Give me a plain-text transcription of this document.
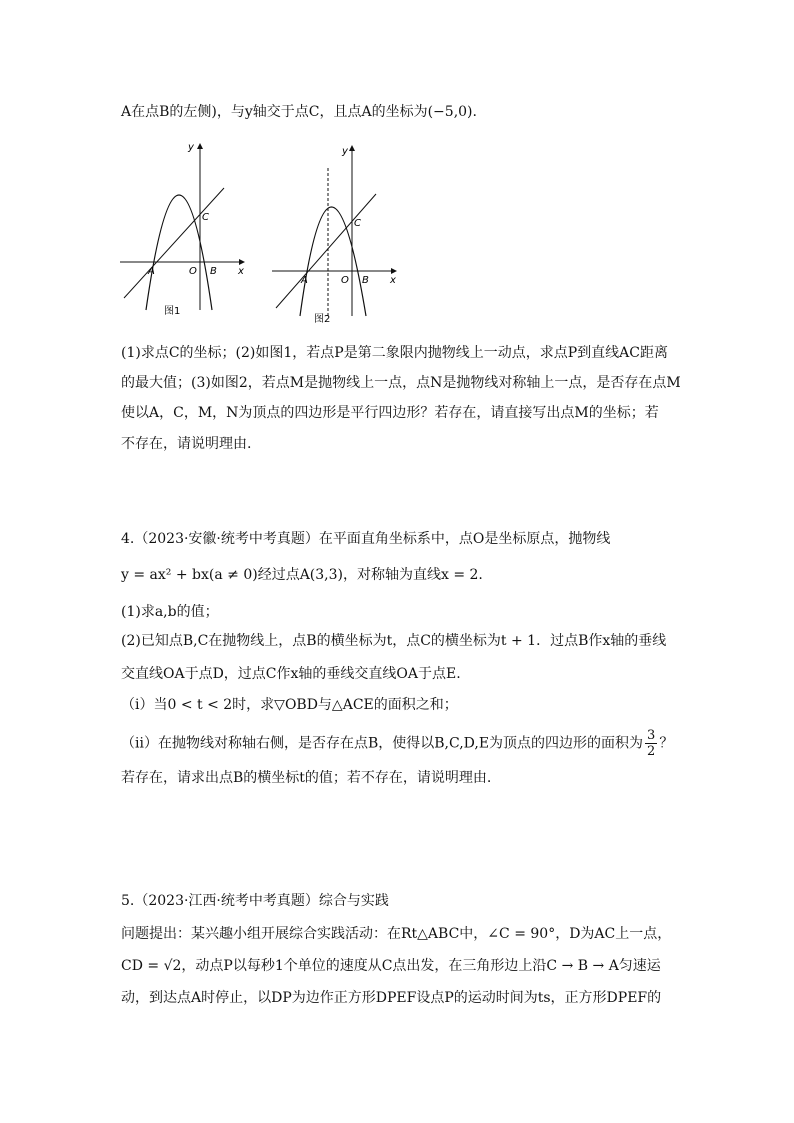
A在点B的左侧)，与y轴交于点C，且点A的坐标为(−5,0).
y
x
A	O B
C
图1
y
x
A	O B
C
图2
(1)求点C的坐标；(2)如图1，若点P是第二象限内抛物线上一动点，求点P到直线AC距离
的最大值；(3)如图2，若点M是抛物线上一点，点N是抛物线对称轴上一点，是否存在点M
使以A，C，M，N为顶点的四边形是平行四边形？若存在，请直接写出点M的坐标；若
不存在，请说明理由.
4.（2023·安徽·统考中考真题）在平面直角坐标系中，点O是坐标原点，抛物线
y = ax² + bx(a ≠ 0)经过点A(3,3)，对称轴为直线x = 2.
(1)求a,b的值；
(2)已知点B,C在抛物线上，点B的横坐标为t，点C的横坐标为t + 1．过点B作x轴的垂线
交直线OA于点D，过点C作x轴的垂线交直线OA于点E.
（ⅰ）当0 < t < 2时，求▽OBD与△ACE的面积之和；
（ⅱ）在抛物线对称轴右侧，是否存在点B，使得以B,C,D,E为顶点的四边形的面积为 $\frac{3}{2}$ ？
若存在，请求出点B的横坐标t的值；若不存在，请说明理由.
5.（2023·江西·统考中考真题）综合与实践
问题提出：某兴趣小组开展综合实践活动：在Rt△ABC中，∠C = 90°，D为AC上一点，
CD = √2，动点P以每秒1个单位的速度从C点出发，在三角形边上沿C → B → A匀速运
动，到达点A时停止，以DP为边作正方形DPEF设点P的运动时间为ts，正方形DPEF的
